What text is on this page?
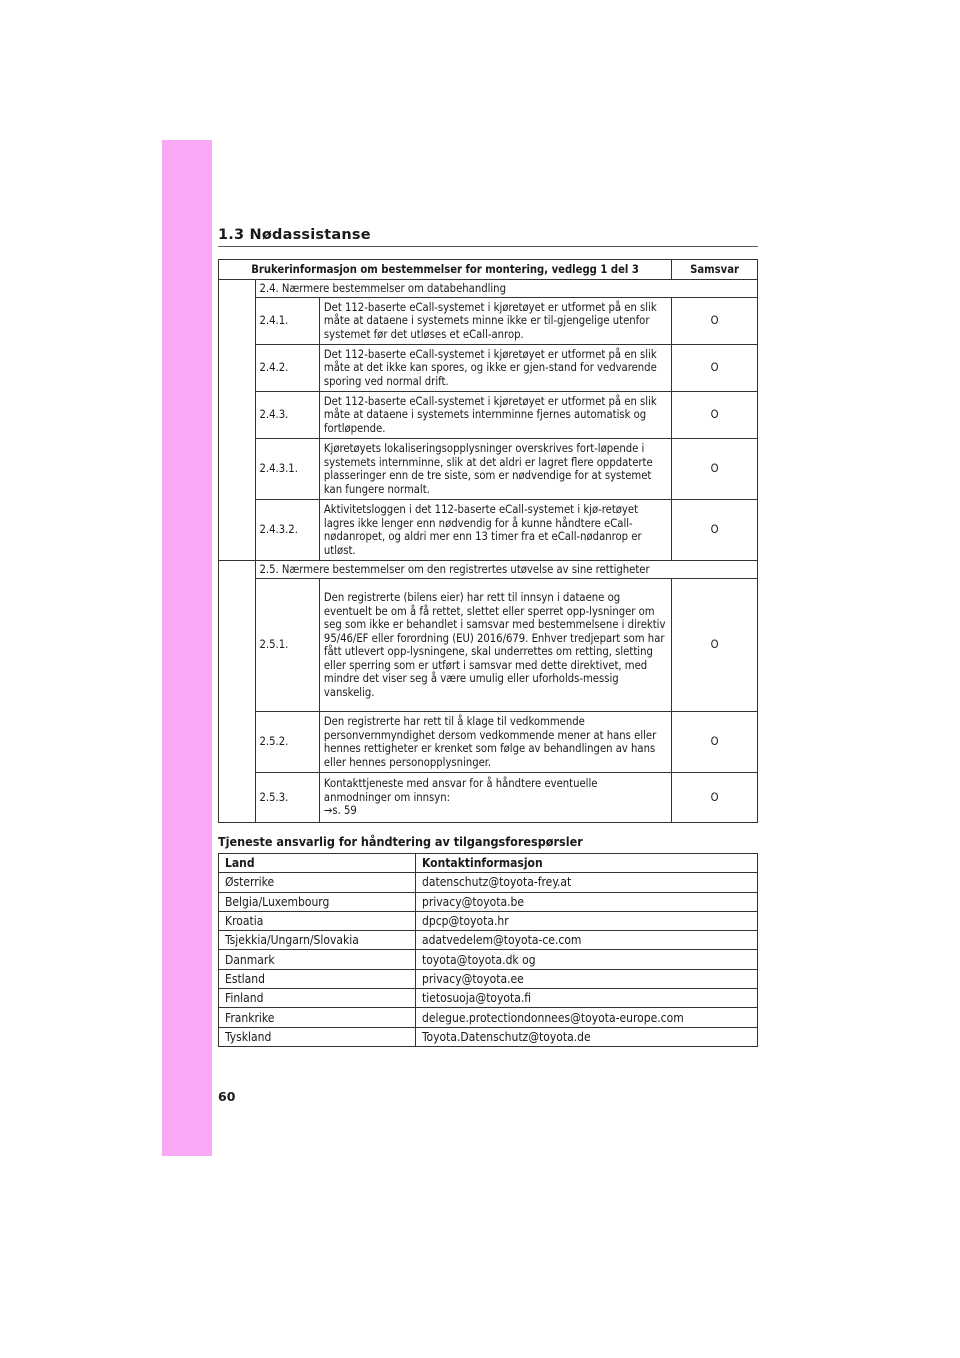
1.3 Nødassistanse
Brukerinformasjon om bestemmelser for montering, vedlegg 1 del 3			Samsvar
	2.4. Nærmere bestemmelser om databehandling		
	2.4.1.	Det 112-baserte eCall-systemet i kjøretøyet er utformet på en slik måte at dataene i systemets minne ikke er til-gjengelige utenfor systemet før det utløses et eCall-anrop.	O
	2.4.2.	Det 112-baserte eCall-systemet i kjøretøyet er utformet på en slik måte at det ikke kan spores, og ikke er gjen-stand for vedvarende sporing ved normal drift.	O
	2.4.3.	Det 112-baserte eCall-systemet i kjøretøyet er utformet på en slik måte at dataene i systemets internminne fjernes automatisk og fortløpende.	O
	2.4.3.1.	Kjøretøyets lokaliseringsopplysninger overskrives fort-løpende i systemets internminne, slik at det aldri er lagret flere oppdaterte plasseringer enn de tre siste, som er nødvendige for at systemet kan fungere normalt.	O
	2.4.3.2.	Aktivitetsloggen i det 112-baserte eCall-systemet i kjø-retøyet lagres ikke lenger enn nødvendig for å kunne håndtere eCall-nødanropet, og aldri mer enn 13 timer fra et eCall-nødanrop er utløst.	O
	2.5. Nærmere bestemmelser om den registrertes utøvelse av sine rettigheter		
	2.5.1.	Den registrerte (bilens eier) har rett til innsyn i dataene og eventuelt be om å få rettet, slettet eller sperret opp-lysninger om seg som ikke er behandlet i samsvar med bestemmelsene i direktiv 95/46/EF eller forordning (EU) 2016/679. Enhver tredjepart som har fått utlevert opp-lysningene, skal underrettes om retting, sletting eller sperring som er utført i samsvar med dette direktivet, med mindre det viser seg å være umulig eller uforholds-messig vanskelig.	O
	2.5.2.	Den registrerte har rett til å klage til vedkommende personvernmyndighet dersom vedkommende mener at hans eller hennes rettigheter er krenket som følge av behandlingen av hans eller hennes personopplysninger.	O
	2.5.3.	Kontakttjeneste med ansvar for å håndtere eventuelle anmodninger om innsyn:
→s. 59	O
Tjeneste ansvarlig for håndtering av tilgangsforespørsler
Land	Kontaktinformasjon
Østerrike	datenschutz@toyota-frey.at
Belgia/Luxembourg	privacy@toyota.be
Kroatia	dpcp@toyota.hr
Tsjekkia/Ungarn/Slovakia	adatvedelem@toyota-ce.com
Danmark	toyota@toyota.dk og
Estland	privacy@toyota.ee
Finland	tietosuoja@toyota.fi
Frankrike	delegue.protectiondonnees@toyota-europe.com
Tyskland	Toyota.Datenschutz@toyota.de
60
